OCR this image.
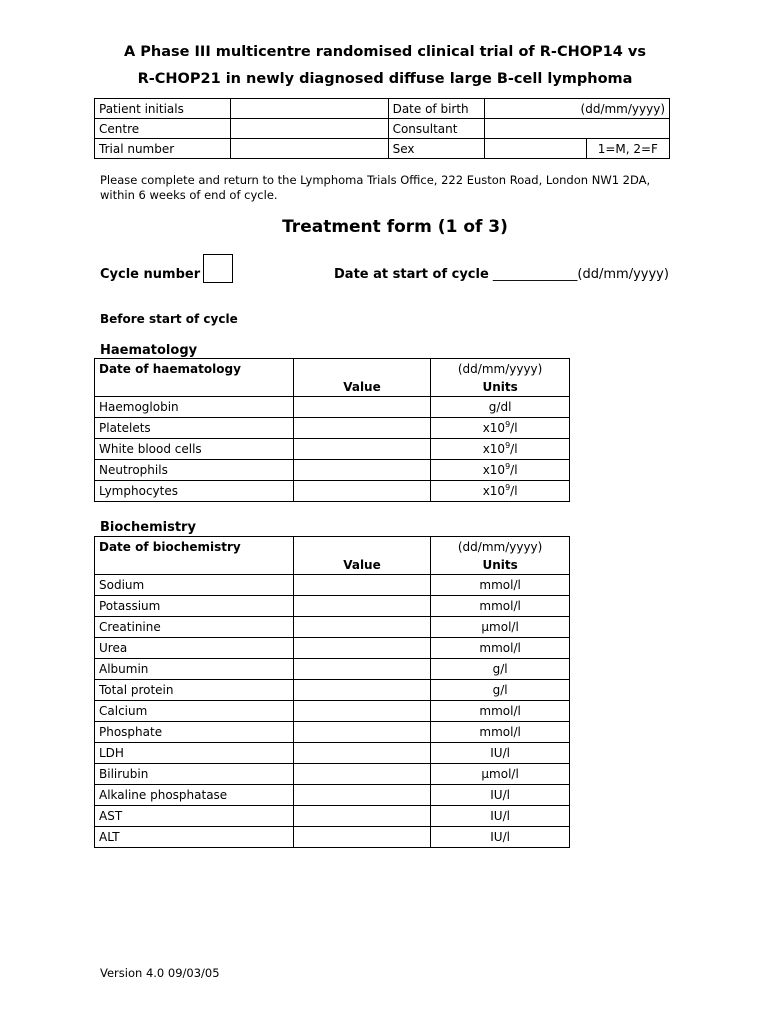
A Phase III multicentre randomised clinical trial of R-CHOP14 vs
R-CHOP21 in newly diagnosed diffuse large B-cell lymphoma
Patient initials		Date of birth	(dd/mm/yyyy)	
Centre		Consultant		
Trial number		Sex		1=M, 2=F
Please complete and return to the Lymphoma Trials Office, 222 Euston Road, London NW1 2DA,
within 6 weeks of end of cycle.
Treatment form (1 of 3)
Cycle number	Date at start of cycle _____________(dd/mm/yyyy)
Before start of cycle
Haematology
Date of haematology		(dd/mm/yyyy)
	Value	Units
Haemoglobin		g/dl
Platelets		$x10^9/l$
White blood cells		$x10^9/l$
Neutrophils		$x10^9/l$
Lymphocytes		$x10^9/l$
Biochemistry
Date of biochemistry		(dd/mm/yyyy)
	Value	Units
Sodium		mmol/l
Potassium		mmol/l
Creatinine		µmol/l
Urea		mmol/l
Albumin		g/l
Total protein		g/l
Calcium		mmol/l
Phosphate		mmol/l
LDH		IU/l
Bilirubin		µmol/l
Alkaline phosphatase		IU/l
AST		IU/l
ALT		IU/l
Version 4.0 09/03/05
